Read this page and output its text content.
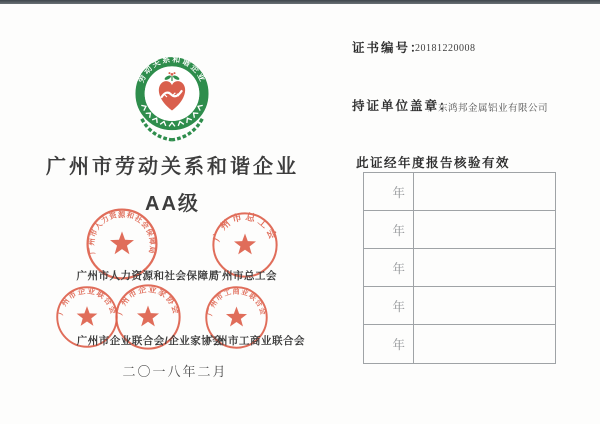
劳动关系和谐企业
广州市劳动关系和谐企业
AA级
广州市人力资源和社会保障局
广州市总工会
广州市企业联合会
广州市企业家协会 广州市工商业联合会
广州市人力资源和社会保障局
广州市总工会
广州市企业联合会/企业家协会
广州市工商业联合会
二〇一八年二月
证书编号：
20181220008
持证单位盖章：
广东鸿邦金属铝业有限公司
此证经年度报告核验有效
年
年
年
年
年
